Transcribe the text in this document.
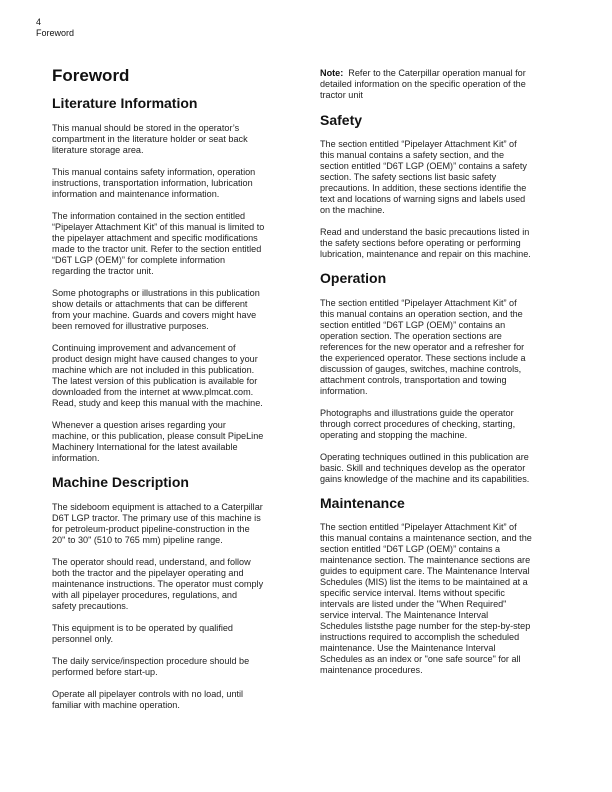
4
Foreword
Foreword
Literature Information

This manual should be stored in the operator’s
compartment in the literature holder or seat back
literature storage area.

This manual contains safety information, operation
instructions, transportation information, lubrication
information and maintenance information.

The information contained in the section entitled
“Pipelayer Attachment Kit” of this manual is limited to
the pipelayer attachment and specific modifications
made to the tractor unit. Refer to the section entitled
“D6T LGP (OEM)” for complete information
regarding the tractor unit.

Some photographs or illustrations in this publication
show details or attachments that can be different
from your machine. Guards and covers might have
been removed for illustrative purposes.

Continuing improvement and advancement of
product design might have caused changes to your
machine which are not included in this publication.
The latest version of this publication is available for
downloaded from the internet at www.plmcat.com.
Read, study and keep this manual with the machine.

Whenever a question arises regarding your
machine, or this publication, please consult PipeLine
Machinery International for the latest available
information.

Machine Description

The sideboom equipment is attached to a Caterpillar
D6T LGP tractor. The primary use of this machine is
for petroleum-product pipeline-construction in the
20" to 30" (510 to 765 mm) pipeline range.

The operator should read, understand, and follow
both the tractor and the pipelayer operating and
maintenance instructions. The operator must comply
with all pipelayer procedures, regulations, and
safety precautions.

This equipment is to be operated by qualified
personnel only.

The daily service/inspection procedure should be
performed before start-up.

Operate all pipelayer controls with no load, until
familiar with machine operation.

Note:  Refer to the Caterpillar operation manual for
detailed information on the specific operation of the
tractor unit

Safety

The section entitled “Pipelayer Attachment Kit” of
this manual contains a safety section, and the
section entitled “D6T LGP (OEM)” contains a safety
section. The safety sections list basic safety
precautions. In addition, these sections identifie the
text and locations of warning signs and labels used
on the machine.

Read and understand the basic precautions listed in
the safety sections before operating or performing
lubrication, maintenance and repair on this machine.

Operation

The section entitled “Pipelayer Attachment Kit” of
this manual contains an operation section, and the
section entitled “D6T LGP (OEM)” contains an
operation section. The operation sections are
references for the new operator and a refresher for
the experienced operator. These sections include a
discussion of gauges, switches, machine controls,
attachment controls, transportation and towing
information.

Photographs and illustrations guide the operator
through correct procedures of checking, starting,
operating and stopping the machine.

Operating techniques outlined in this publication are
basic. Skill and techniques develop as the operator
gains knowledge of the machine and its capabilities.

Maintenance

The section entitled “Pipelayer Attachment Kit” of
this manual contains a maintenance section, and the
section entitled “D6T LGP (OEM)” contains a
maintenance section. The maintenance sections are
guides to equipment care. The Maintenance Interval
Schedules (MIS) list the items to be maintained at a
specific service interval. Items without specific
intervals are listed under the "When Required"
service interval. The Maintenance Interval
Schedules liststhe page number for the step-by-step
instructions required to accomplish the scheduled
maintenance. Use the Maintenance Interval
Schedules as an index or "one safe source" for all
maintenance procedures.
